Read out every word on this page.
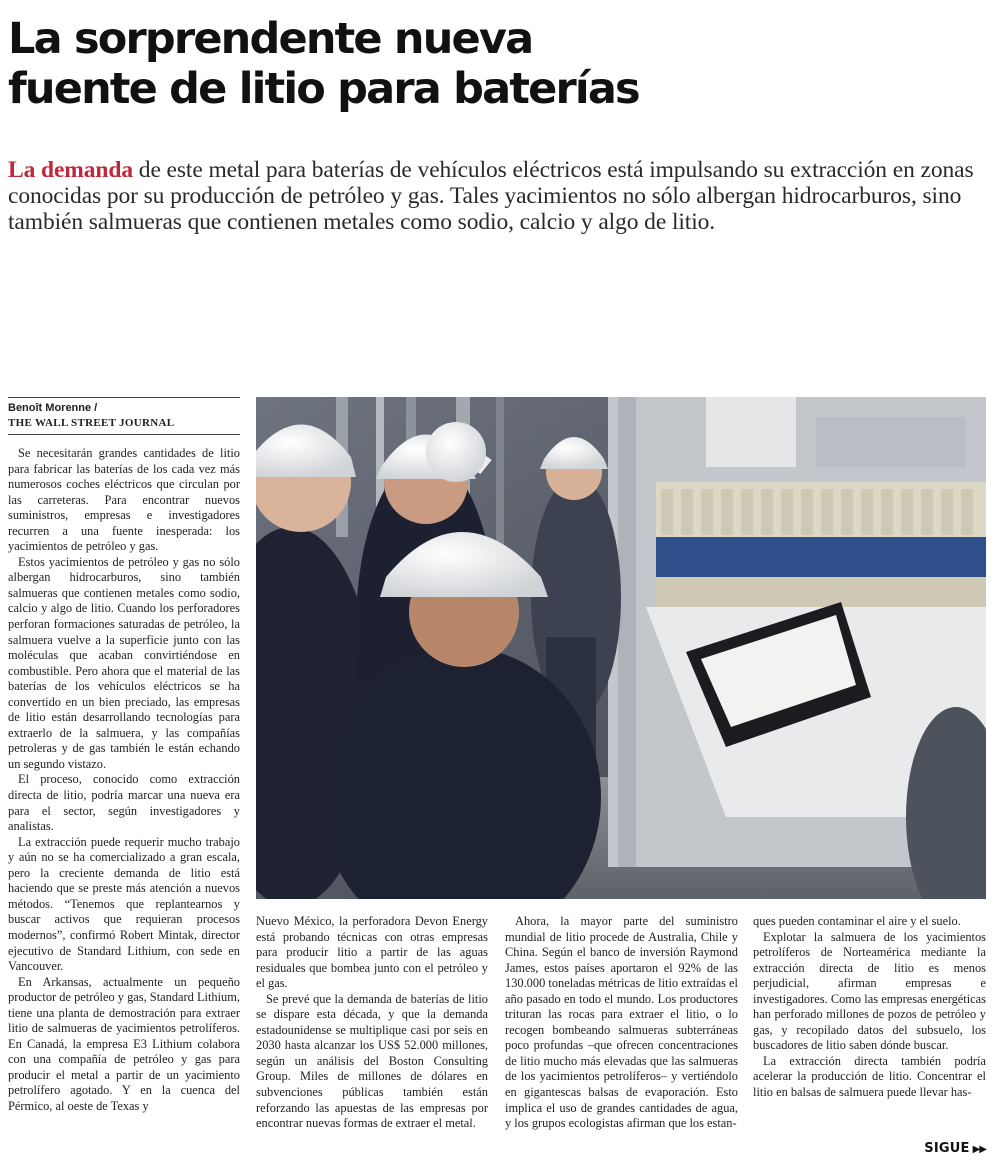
La sorprendente nueva
fuente de litio para baterías

La demanda de este metal para baterías de vehículos eléctricos está impulsando su extracción en zonas conocidas por su producción de petróleo y gas. Tales yacimientos no sólo albergan hidrocarburos, sino también salmueras que contienen metales como sodio, calcio y algo de litio.

Benoît Morenne /
THE WALL STREET JOURNAL

Se necesitarán grandes cantidades de litio para fabricar las baterías de los cada vez más numerosos coches eléctricos que circulan por las carreteras. Para encontrar nuevos suministros, empresas e investigadores recurren a una fuente inesperada: los yacimientos de petróleo y gas.

Estos yacimientos de petróleo y gas no sólo albergan hidrocarburos, sino también salmueras que contienen metales como sodio, calcio y algo de litio. Cuando los perforadores perforan formaciones saturadas de petróleo, la salmuera vuelve a la superficie junto con las moléculas que acaban convirtiéndose en combustible. Pero ahora que el material de las baterías de los vehículos eléctricos se ha convertido en un bien preciado, las empresas de litio están desarrollando tecnologías para extraerlo de la salmuera, y las compañías petroleras y de gas también le están echando un segundo vistazo.

El proceso, conocido como extracción directa de litio, podría marcar una nueva era para el sector, según investigadores y analistas.

La extracción puede requerir mucho trabajo y aún no se ha comercializado a gran escala, pero la creciente demanda de litio está haciendo que se preste más atención a nuevos métodos. “Tenemos que replantearnos y buscar activos que requieran procesos modernos”, confirmó Robert Mintak, director ejecutivo de Standard Lithium, con sede en Vancouver.

En Arkansas, actualmente un pequeño productor de petróleo y gas, Standard Lithium, tiene una planta de demostración para extraer litio de salmueras de yacimientos petrolíferos. En Canadá, la empresa E3 Lithium colabora con una compañía de petróleo y gas para producir el metal a partir de un yacimiento petrolífero agotado. Y en la cuenca del Pérmico, al oeste de Texas y

Nuevo México, la perforadora Devon Energy está probando técnicas con otras empresas para producir litio a partir de las aguas residuales que bombea junto con el petróleo y el gas.

Se prevé que la demanda de baterías de litio se dispare esta década, y que la demanda estadounidense se multiplique casi por seis en 2030 hasta alcanzar los US$ 52.000 millones, según un análisis del Boston Consulting Group. Miles de millones de dólares en subvenciones públicas también están reforzando las apuestas de las empresas por encontrar nuevas formas de extraer el metal.

Ahora, la mayor parte del suministro mundial de litio procede de Australia, Chile y China. Según el banco de inversión Raymond James, estos países aportaron el 92% de las 130.000 toneladas métricas de litio extraídas el año pasado en todo el mundo. Los productores trituran las rocas para extraer el litio, o lo recogen bombeando salmueras subterráneas poco profundas –que ofrecen concentraciones de litio mucho más elevadas que las salmueras de los yacimientos petrolíferos– y vertiéndolo en gigantescas balsas de evaporación. Esto implica el uso de grandes cantidades de agua, y los grupos ecologistas afirman que los estan-

ques pueden contaminar el aire y el suelo.

Explotar la salmuera de los yacimientos petrolíferos de Norteamérica mediante la extracción directa de litio es menos perjudicial, afirman empresas e investigadores. Como las empresas energéticas han perforado millones de pozos de petróleo y gas, y recopilado datos del subsuelo, los buscadores de litio saben dónde buscar.

La extracción directa también podría acelerar la producción de litio. Concentrar el litio en balsas de salmuera puede llevar has-

SIGUE ▶▶
